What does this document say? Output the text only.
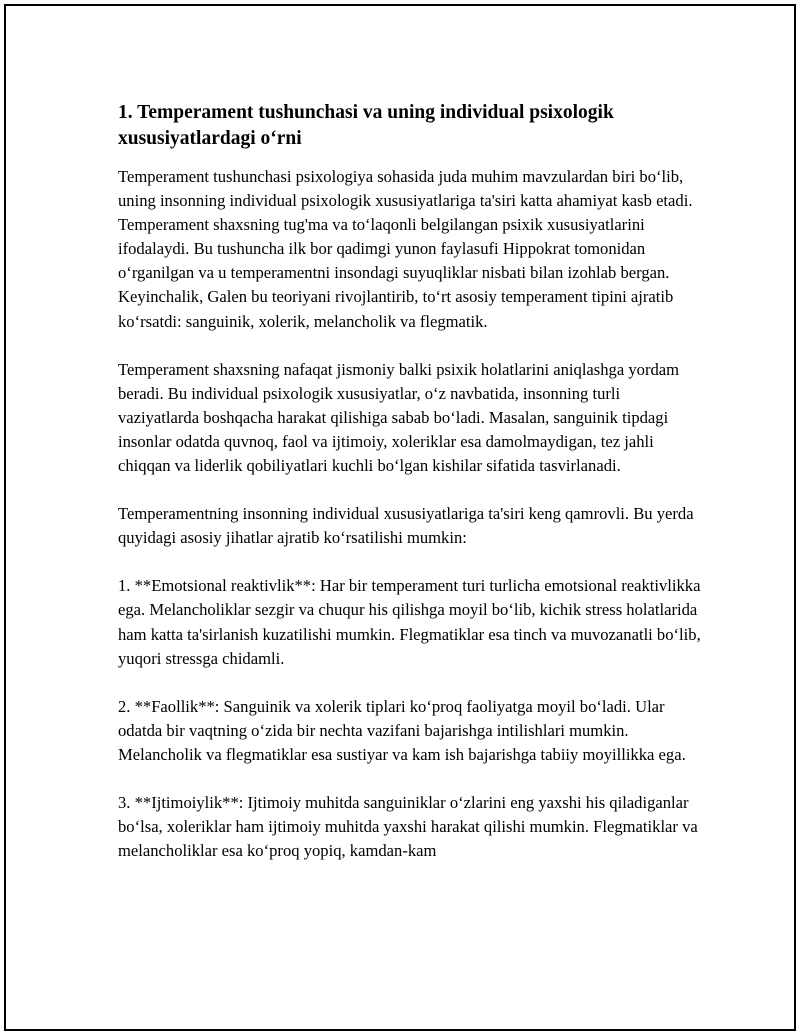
1. Temperament tushunchasi va uning individual psixologik xususiyatlardagi o‘rni

Temperament tushunchasi psixologiya sohasida juda muhim mavzulardan biri bo‘lib, uning insonning individual psixologik xususiyatlariga ta'siri katta ahamiyat kasb etadi. Temperament shaxsning tug'ma va to‘laqonli belgilangan psixik xususiyatlarini ifodalaydi. Bu tushuncha ilk bor qadimgi yunon faylasufi Hippokrat tomonidan o‘rganilgan va u temperamentni insondagi suyuqliklar nisbati bilan izohlab bergan. Keyinchalik, Galen bu teoriyani rivojlantirib, to‘rt asosiy temperament tipini ajratib ko‘rsatdi: sanguinik, xolerik, melancholik va flegmatik.

Temperament shaxsning nafaqat jismoniy balki psixik holatlarini aniqlashga yordam beradi. Bu individual psixologik xususiyatlar, o‘z navbatida, insonning turli vaziyatlarda boshqacha harakat qilishiga sabab bo‘ladi. Masalan, sanguinik tipdagi insonlar odatda quvnoq, faol va ijtimoiy, xoleriklar esa damolmaydigan, tez jahli chiqqan va liderlik qobiliyatlari kuchli bo‘lgan kishilar sifatida tasvirlanadi.

Temperamentning insonning individual xususiyatlariga ta'siri keng qamrovli. Bu yerda quyidagi asosiy jihatlar ajratib ko‘rsatilishi mumkin:

1. **Emotsional reaktivlik**: Har bir temperament turi turlicha emotsional reaktivlikka ega. Melancholiklar sezgir va chuqur his qilishga moyil bo‘lib, kichik stress holatlarida ham katta ta'sirlanish kuzatilishi mumkin. Flegmatiklar esa tinch va muvozanatli bo‘lib, yuqori stressga chidamli.

2. **Faollik**: Sanguinik va xolerik tiplari ko‘proq faoliyatga moyil bo‘ladi. Ular odatda bir vaqtning o‘zida bir nechta vazifani bajarishga intilishlari mumkin. Melancholik va flegmatiklar esa sustiyar va kam ish bajarishga tabiiy moyillikka ega.

3. **Ijtimoiylik**: Ijtimoiy muhitda sanguiniklar o‘zlarini eng yaxshi his qiladiganlar bo‘lsa, xoleriklar ham ijtimoiy muhitda yaxshi harakat qilishi mumkin. Flegmatiklar va melancholiklar esa ko‘proq yopiq, kamdan-kam
